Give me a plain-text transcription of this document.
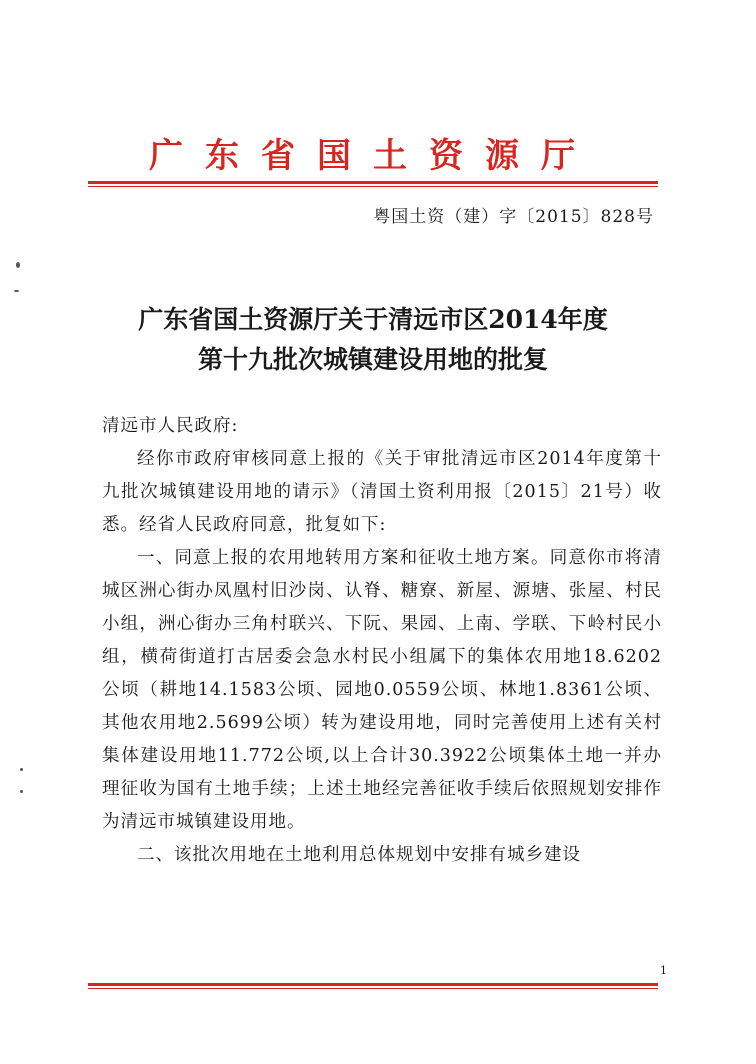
广东省国土资源厅
粤国土资（建）字〔2015〕828号
广东省国土资源厅关于清远市区2014年度
第十九批次城镇建设用地的批复
清远市人民政府:

经你市政府审核同意上报的《关于审批清远市区2014年度第十九批次城镇建设用地的请示》（清国土资利用报〔2015〕21号）收悉。经省人民政府同意，批复如下:

一、同意上报的农用地转用方案和征收土地方案。同意你市将清城区洲心街办凤凰村旧沙岗、认脊、糖寮、新屋、源塘、张屋、村民小组，洲心街办三角村联兴、下阮、果园、上南、学联、下岭村民小组，横荷街道打古居委会急水村民小组属下的集体农用地18.6202公顷（耕地14.1583公顷、园地0.0559公顷、林地1.8361公顷、其他农用地2.5699公顷）转为建设用地，同时完善使用上述有关村集体建设用地11.772公顷,以上合计30.3922公顷集体土地一并办理征收为国有土地手续；上述土地经完善征收手续后依照规划安排作为清远市城镇建设用地。

二、该批次用地在土地利用总体规划中安排有城乡建设

1
